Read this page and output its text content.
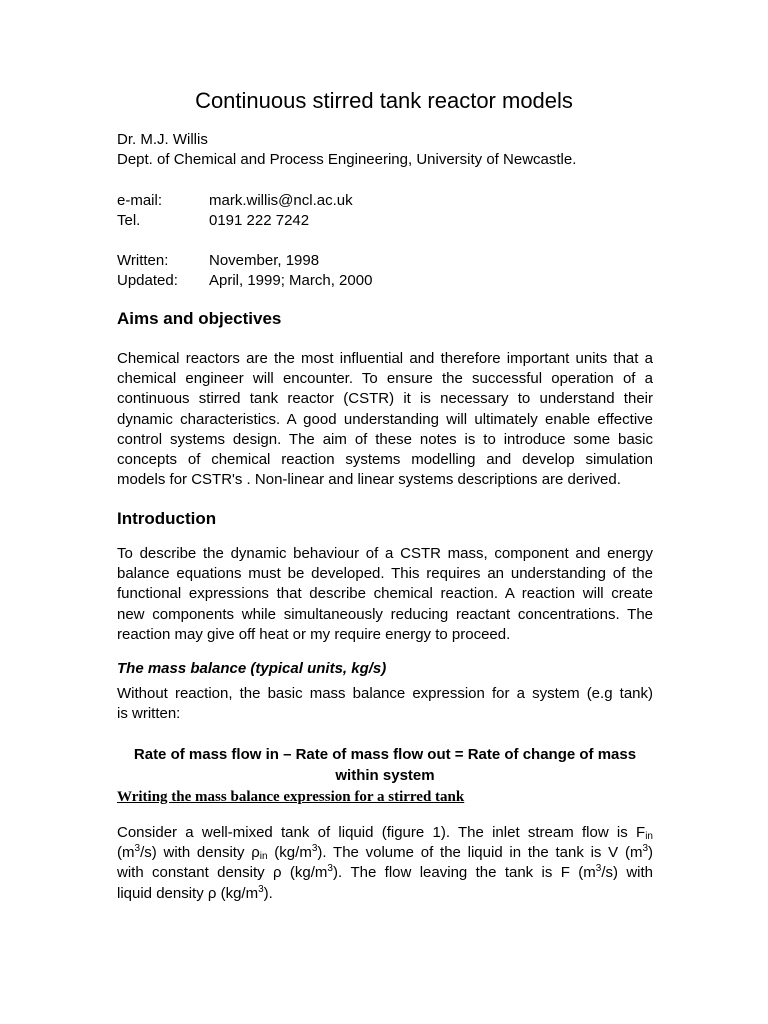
Continuous stirred tank reactor models
Dr. M.J. Willis
Dept. of Chemical and Process Engineering, University of Newcastle.
e-mail:	mark.willis@ncl.ac.uk
Tel.	0191 222 7242
Written:	November, 1998
Updated: April, 1999; March, 2000
Aims and objectives
Chemical reactors are the most influential and therefore important units that a
chemical engineer will encounter. To ensure the successful operation of a
continuous stirred tank reactor (CSTR) it is necessary to understand their
dynamic characteristics. A good understanding will ultimately enable effective
control systems design. The aim of these notes is to introduce some basic
concepts of chemical reaction systems modelling and develop simulation
models for CSTR's . Non-linear and linear systems descriptions are derived.
Introduction
To describe the dynamic behaviour of a CSTR mass, component and energy
balance equations must be developed. This requires an understanding of the
functional expressions that describe chemical reaction. A reaction will create
new components while simultaneously reducing reactant concentrations. The
reaction may give off heat or my require energy to proceed.
The mass balance (typical units, kg/s)
Without reaction, the basic mass balance expression for a system (e.g tank)
is written:
Rate of mass flow in – Rate of mass flow out = Rate of change of mass
within system
Writing the mass balance expression for a stirred tank
Consider a well-mixed tank of liquid (figure 1). The inlet stream flow is $F_{in}$
$(m^3/s)$ with density $\rho_{in}$ $(kg/m^3)$. The volume of the liquid in the tank is V $(m^3)$
with constant density ρ $(kg/m^3)$. The flow leaving the tank is F $(m^3/s)$ with
liquid density ρ $(kg/m^3)$.
